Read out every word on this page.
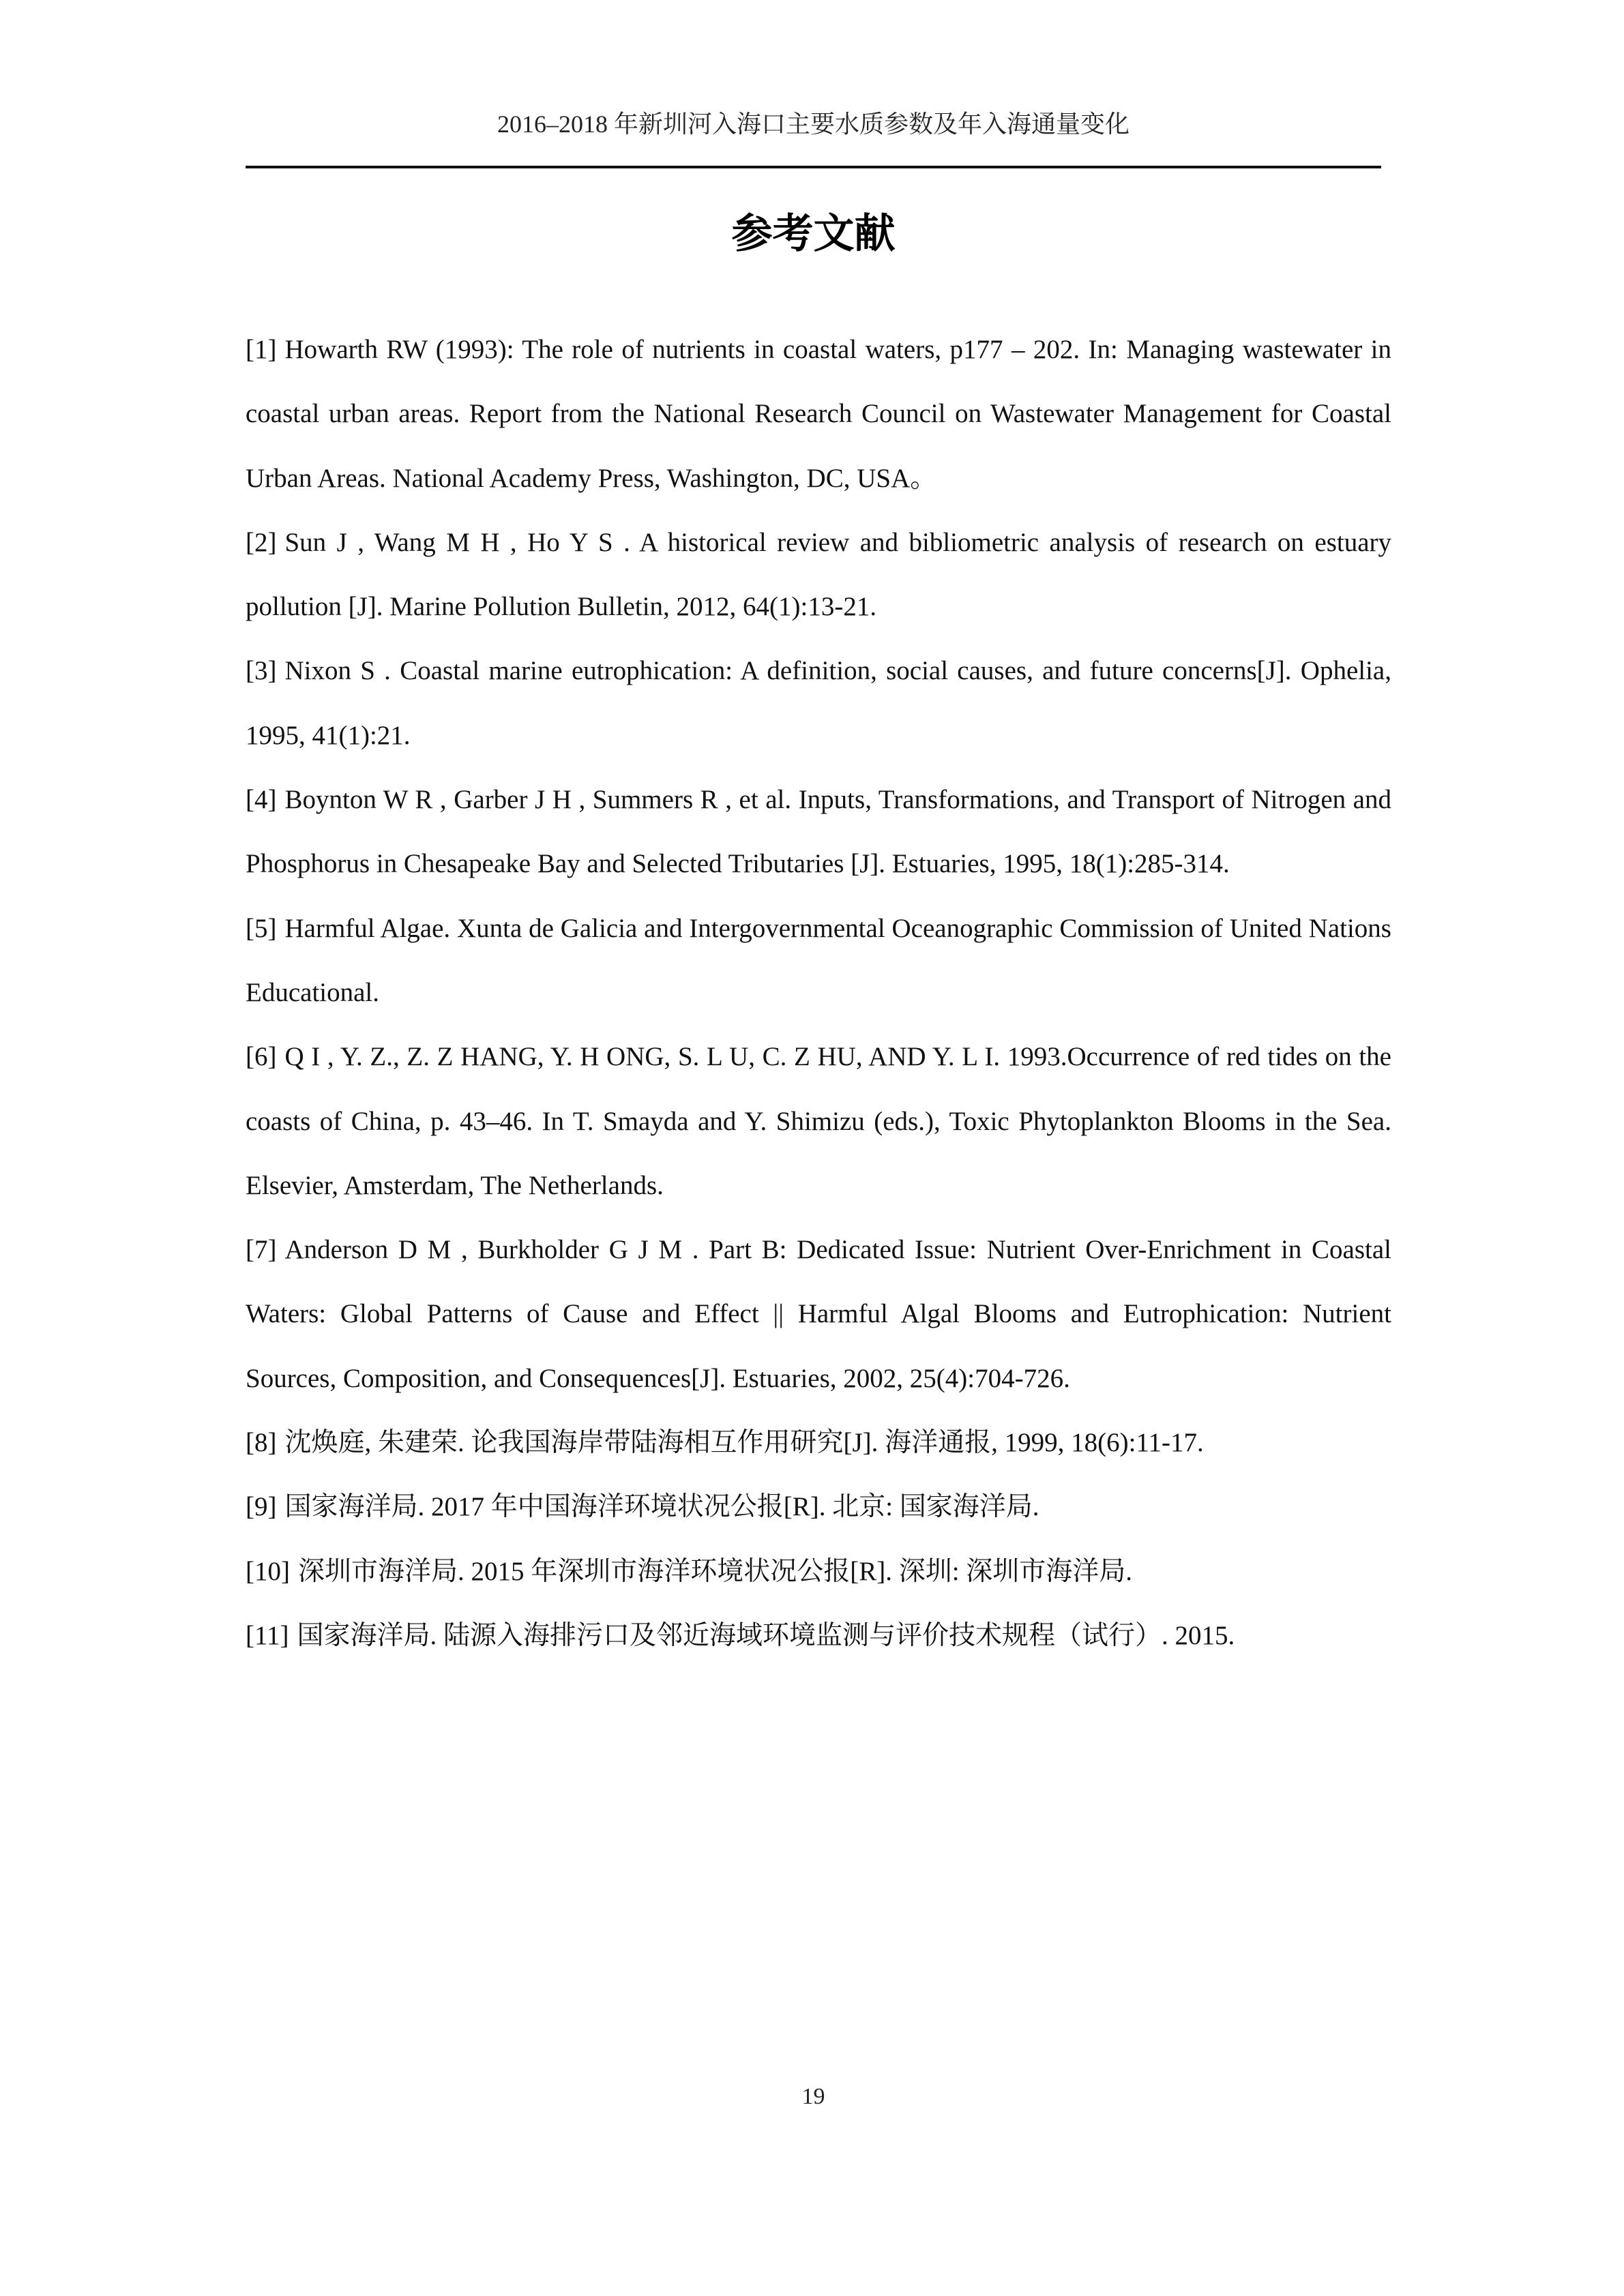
2016–2018 年新圳河入海口主要水质参数及年入海通量变化
参考文献
[1] Howarth RW (1993): The role of nutrients in coastal waters, p177 – 202. In: Managing wastewater in coastal urban areas. Report from the National Research Council on Wastewater Management for Coastal Urban Areas. National Academy Press, Washington, DC, USA。
[2] Sun J , Wang M H , Ho Y S . A historical review and bibliometric analysis of research on estuary pollution [J]. Marine Pollution Bulletin, 2012, 64(1):13-21.
[3] Nixon S . Coastal marine eutrophication: A definition, social causes, and future concerns[J]. Ophelia, 1995, 41(1):21.
[4] Boynton W R , Garber J H , Summers R , et al. Inputs, Transformations, and Transport of Nitrogen and Phosphorus in Chesapeake Bay and Selected Tributaries [J]. Estuaries, 1995, 18(1):285-314.
[5] Harmful Algae. Xunta de Galicia and Intergovernmental Oceanographic Commission of United Nations Educational.
[6] Q I , Y. Z., Z. Z HANG, Y. H ONG, S. L U, C. Z HU, AND Y. L I. 1993.Occurrence of red tides on the coasts of China, p. 43–46. In T. Smayda and Y. Shimizu (eds.), Toxic Phytoplankton Blooms in the Sea. Elsevier, Amsterdam, The Netherlands.
[7] Anderson D M , Burkholder G J M . Part B: Dedicated Issue: Nutrient Over-Enrichment in Coastal Waters: Global Patterns of Cause and Effect || Harmful Algal Blooms and Eutrophication: Nutrient Sources, Composition, and Consequences[J]. Estuaries, 2002, 25(4):704-726.
[8] 沈焕庭, 朱建荣. 论我国海岸带陆海相互作用研究[J]. 海洋通报, 1999, 18(6):11-17.
[9] 国家海洋局. 2017 年中国海洋环境状况公报[R]. 北京: 国家海洋局.
[10] 深圳市海洋局. 2015 年深圳市海洋环境状况公报[R]. 深圳: 深圳市海洋局.
[11] 国家海洋局. 陆源入海排污口及邻近海域环境监测与评价技术规程（试行）. 2015.
19
